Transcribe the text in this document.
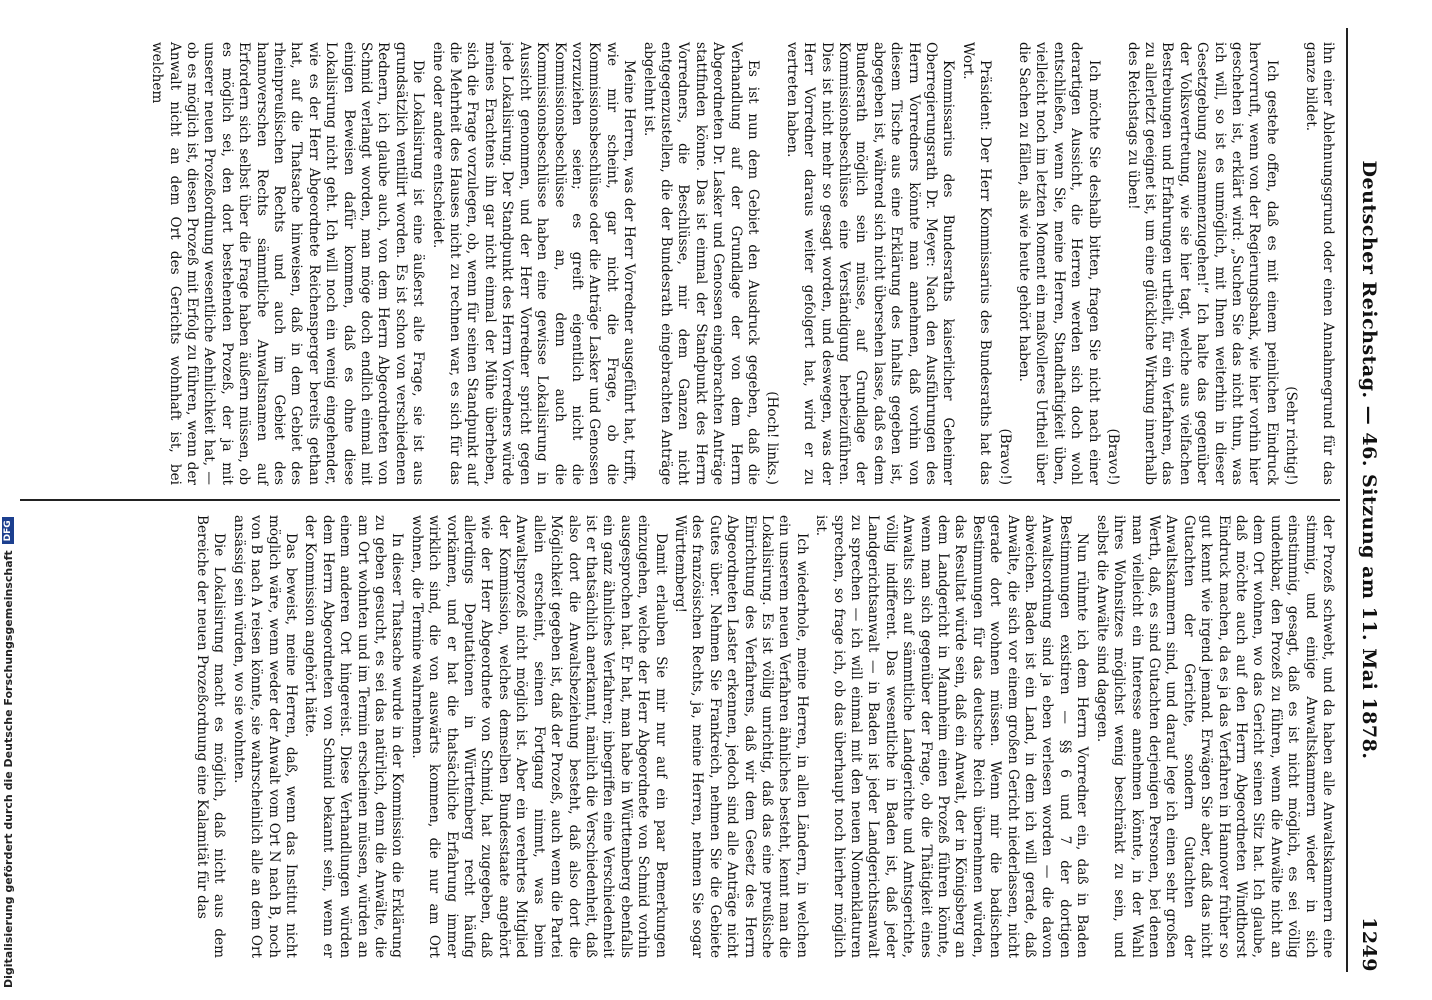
Deutscher Reichstag. — 46. Sitzung am 11. Mai 1878.
1249

ihn einer Ablehnungsgrund oder einen Annahmegrund für das ganze bildet.

(Sehr richtig!)

Ich gestehe offen, daß es mit einem peinlichen Eindruck hervorruft, wenn von der Regierungsbank, wie hier vorhin hier geschehen ist, erklärt wird: „Suchen Sie das nicht thun, was ich will, so ist es unmöglich, mit Ihnen weiterhin in dieser Gesetzgebung zusammenzugehen!“ Ich halte das gegenüber der Volksvertretung, wie sie hier tagt, welche aus vielfachen Bestrebungen und Erfahrungen urtheilt, für ein Verfahren, das zu allerletzt geeignet ist, um eine glückliche Wirkung innerhalb des Reichstags zu üben!

(Bravo!)

Ich möchte Sie deshalb bitten, fragen Sie nicht nach einer derartigen Aussicht, die Herren werden sich doch wohl entschließen, wenn Sie, meine Herren, Standhaftigkeit üben, vielleicht noch im letzten Moment ein maßvolleres Urtheil über die Sachen zu fällen, als wie heute gehört haben.

(Bravo!)

Präsident: Der Herr Kommissarius des Bundesraths hat das Wort.

Kommissarius des Bundesraths kaiserlicher Geheimer Oberregierungsrath Dr. Meyer: Nach den Ausführungen des Herrn Vorredners könnte man annehmen, daß vorhin von diesem Tische aus eine Erklärung des Inhalts gegeben ist, abgegeben ist, während sich nicht übersehen lasse, daß es dem Bundesrath möglich sein müsse, auf Grundlage der Kommissionsbeschlüsse eine Verständigung herbeizuführen. Dies ist nicht mehr so gesagt worden, und deswegen, was der Herr Vorredner daraus weiter gefolgert hat, wird er zu vertreten haben.

(Hoch! links.)

Es ist nun dem Gebiet den Ausdruck gegeben, daß die Verhandlung auf der Grundlage der von dem Herrn Abgeordneten Dr. Lasker und Genossen eingebrachten Anträge stattfinden könne. Das ist einmal der Standpunkt des Herrn Vorredners, die Beschlüsse, mir dem Ganzen nicht entgegenzustellen, die der Bundesrath eingebrachten Anträge abgelehnt ist.

Meine Herren, was der Herr Vorredner ausgeführt hat, trifft, wie mir scheint, gar nicht die Frage, ob die Kommissionsbeschlüsse oder die Anträge Lasker und Genossen vorzuziehen seien; es greift eigentlich nicht die Kommissionsbeschlüsse an, denn auch die Kommissionsbeschlüsse haben eine gewisse Lokalisirung in Aussicht genommen, und der Herr Vorredner spricht gegen jede Lokalisirung. Der Standpunkt des Herrn Vorredners würde meines Erachtens ihn gar nicht einmal der Mühe überheben, sich die Frage vorzulegen, ob, wenn für seinen Standpunkt auf die Mehrheit des Hauses nicht zu rechnen war, es sich für das eine oder andere entscheidet.

Die Lokalisirung ist eine äußerst alte Frage, sie ist aus grundsätzlich ventilirt worden. Es ist schon von verschiedenen Rednern, ich glaube auch, von dem Herrn Abgeordneten von Schmid verlangt worden, man möge doch endlich einmal mit einigen Beweisen dafür kommen, daß es ohne diese Lokalisirung nicht geht. Ich will noch ein wenig eingehender, wie es der Herr Abgeordnete Reichensperger bereits gethan hat, auf die Thatsache hinweisen, daß in dem Gebiet des rheinpreußischen Rechts und auch im Gebiet des hannoverschen Rechts sämmtliche Anwaltsnamen auf Erfordern sich selbst über die Frage haben äußern müssen, ob es möglich sei, den dort bestehenden Prozeß, der ja mit unserer neuen Prozeßordnung wesentliche Aehnlichkeit hat, — ob es möglich ist, diesen Prozeß mit Erfolg zu führen, wenn der Anwalt nicht an dem Ort des Gerichts wohnhaft ist, bei welchem

der Prozeß schwebt, und da haben alle Anwaltskammern eine stimmig, und einige Anwaltskammern wieder in sich einstimmig, gesagt, daß es ist nicht möglich, es sei völlig undenkbar, den Prozeß zu führen, wenn die Anwälte nicht an dem Ort wohnen, wo das Gericht seinen Sitz hat. Ich glaube, daß möchte auch auf den Herrn Abgeordneten Windthorst Eindruck machen, da es ja das Verfahren in Hannover früher so gut kennt wie irgend jemand. Erwägen Sie aber, daß das nicht Gutachten der Gerichte, sondern Gutachten der Anwaltskammern sind, und darauf lege ich einen sehr großen Werth, daß, es sind Gutachten derjenigen Personen, bei denen man vielleicht ein Interesse annehmen könnte, in der Wahl ihres Wohnsitzes möglichst wenig beschränkt zu sein, und selbst die Anwälte sind dagegen.

Nun rühmte ich dem Herrn Vorredner ein, daß in Baden Bestimmungen existiren — §§ 6 und 7 der dortigen Anwaltsordnung sind ja eben verlesen worden — die davon abweichen. Baden ist ein Land, in dem ich will gerade, daß Anwälte, die sich vor einem großen Gericht niederlassen, nicht gerade dort wohnen müssen. Wenn mir die badischen Bestimmungen für das deutsche Reich übernehmen würden, das Resultat würde sein, daß ein Anwalt, der in Königsberg an dem Landgericht in Mannheim einen Prozeß führen könnte, wenn man sich gegenüber der Frage, ob die Thätigkeit eines Anwalts sich auf sämmtliche Landgerichte und Amtsgerichte, völlig indifferent. Das wesentliche in Baden ist, daß jeder Landgerichtsanwalt — in Baden ist jeder Landgerichtsanwalt zu sprechen — ich will einmal mit den neuen Nomenklaturen sprechen, so frage ich, ob das überhaupt noch hierher möglich ist.

Ich wiederhole, meine Herren, in allen Ländern, in welchen ein unserem neuen Verfahren ähnliches besteht, kennt man die Lokalisirung. Es ist völlig unrichtig, daß das eine preußische Einrichtung des Verfahrens, daß wir dem Gesetz des Herrn Abgeordneten Laster erkennen, jedoch sind alle Anträge nicht Gutes über. Nehmen Sie Frankreich, nehmen Sie die Gebiete des französischen Rechts, ja, meine Herren, nehmen Sie sogar Württemberg!

Damit erlauben Sie mir nur auf ein paar Bemerkungen einzugehen, welche der Herr Abgeordnete von Schmid vorhin ausgesprochen hat. Er hat, man habe in Württemberg ebenfalls ein ganz ähnliches Verfahren; inbegriffen eine Verschiedenheit ist er thatsächlich anerkannt, nämlich die Verschiedenheit, daß also dort die Anwaltsbeziehung besteht, daß also dort die Möglichkeit gegeben ist, daß der Prozeß, auch wenn die Partei allein erscheint, seinen Fortgang nimmt, was beim Anwaltsprozeß nicht möglich ist. Aber ein verehrtes Mitglied der Kommission, welches demselben Bundesstaate angehört wie der Herr Abgeordnete von Schmid, hat zugegeben, daß allerdings Deputationen in Württemberg recht häufig vorkämen, und er hat die thatsächliche Erfahrung immer wirklich sind, die von auswärts kommen, die nur am Ort wohnen, die Termine wahrnehmen.

In dieser Thatsache wurde in der Kommission die Erklärung zu geben gesucht, es sei das natürlich, denn die Anwälte, die am Ort wohnten und im Termin erscheinen müssen, würden an einem anderen Ort hingereist. Diese Verhandlungen würden dem Herrn Abgeordneten von Schmid bekannt sein, wenn er der Kommission angehört hätte.

Das beweist, meine Herren, daß, wenn das Institut nicht möglich wäre, wenn weder der Anwalt vom Ort N nach B, noch von B nach A reisen könnte, sie wahrscheinlich alle an dem Ort ansässig sein würden, wo sie wohnten.

Die Lokalisirung macht es möglich, daß nicht aus dem Bereiche der neuen Prozeßordnung eine Kalamität für das

Digitalisierung gefördert durch die Deutsche Forschungsgemeinschaft
DFG
